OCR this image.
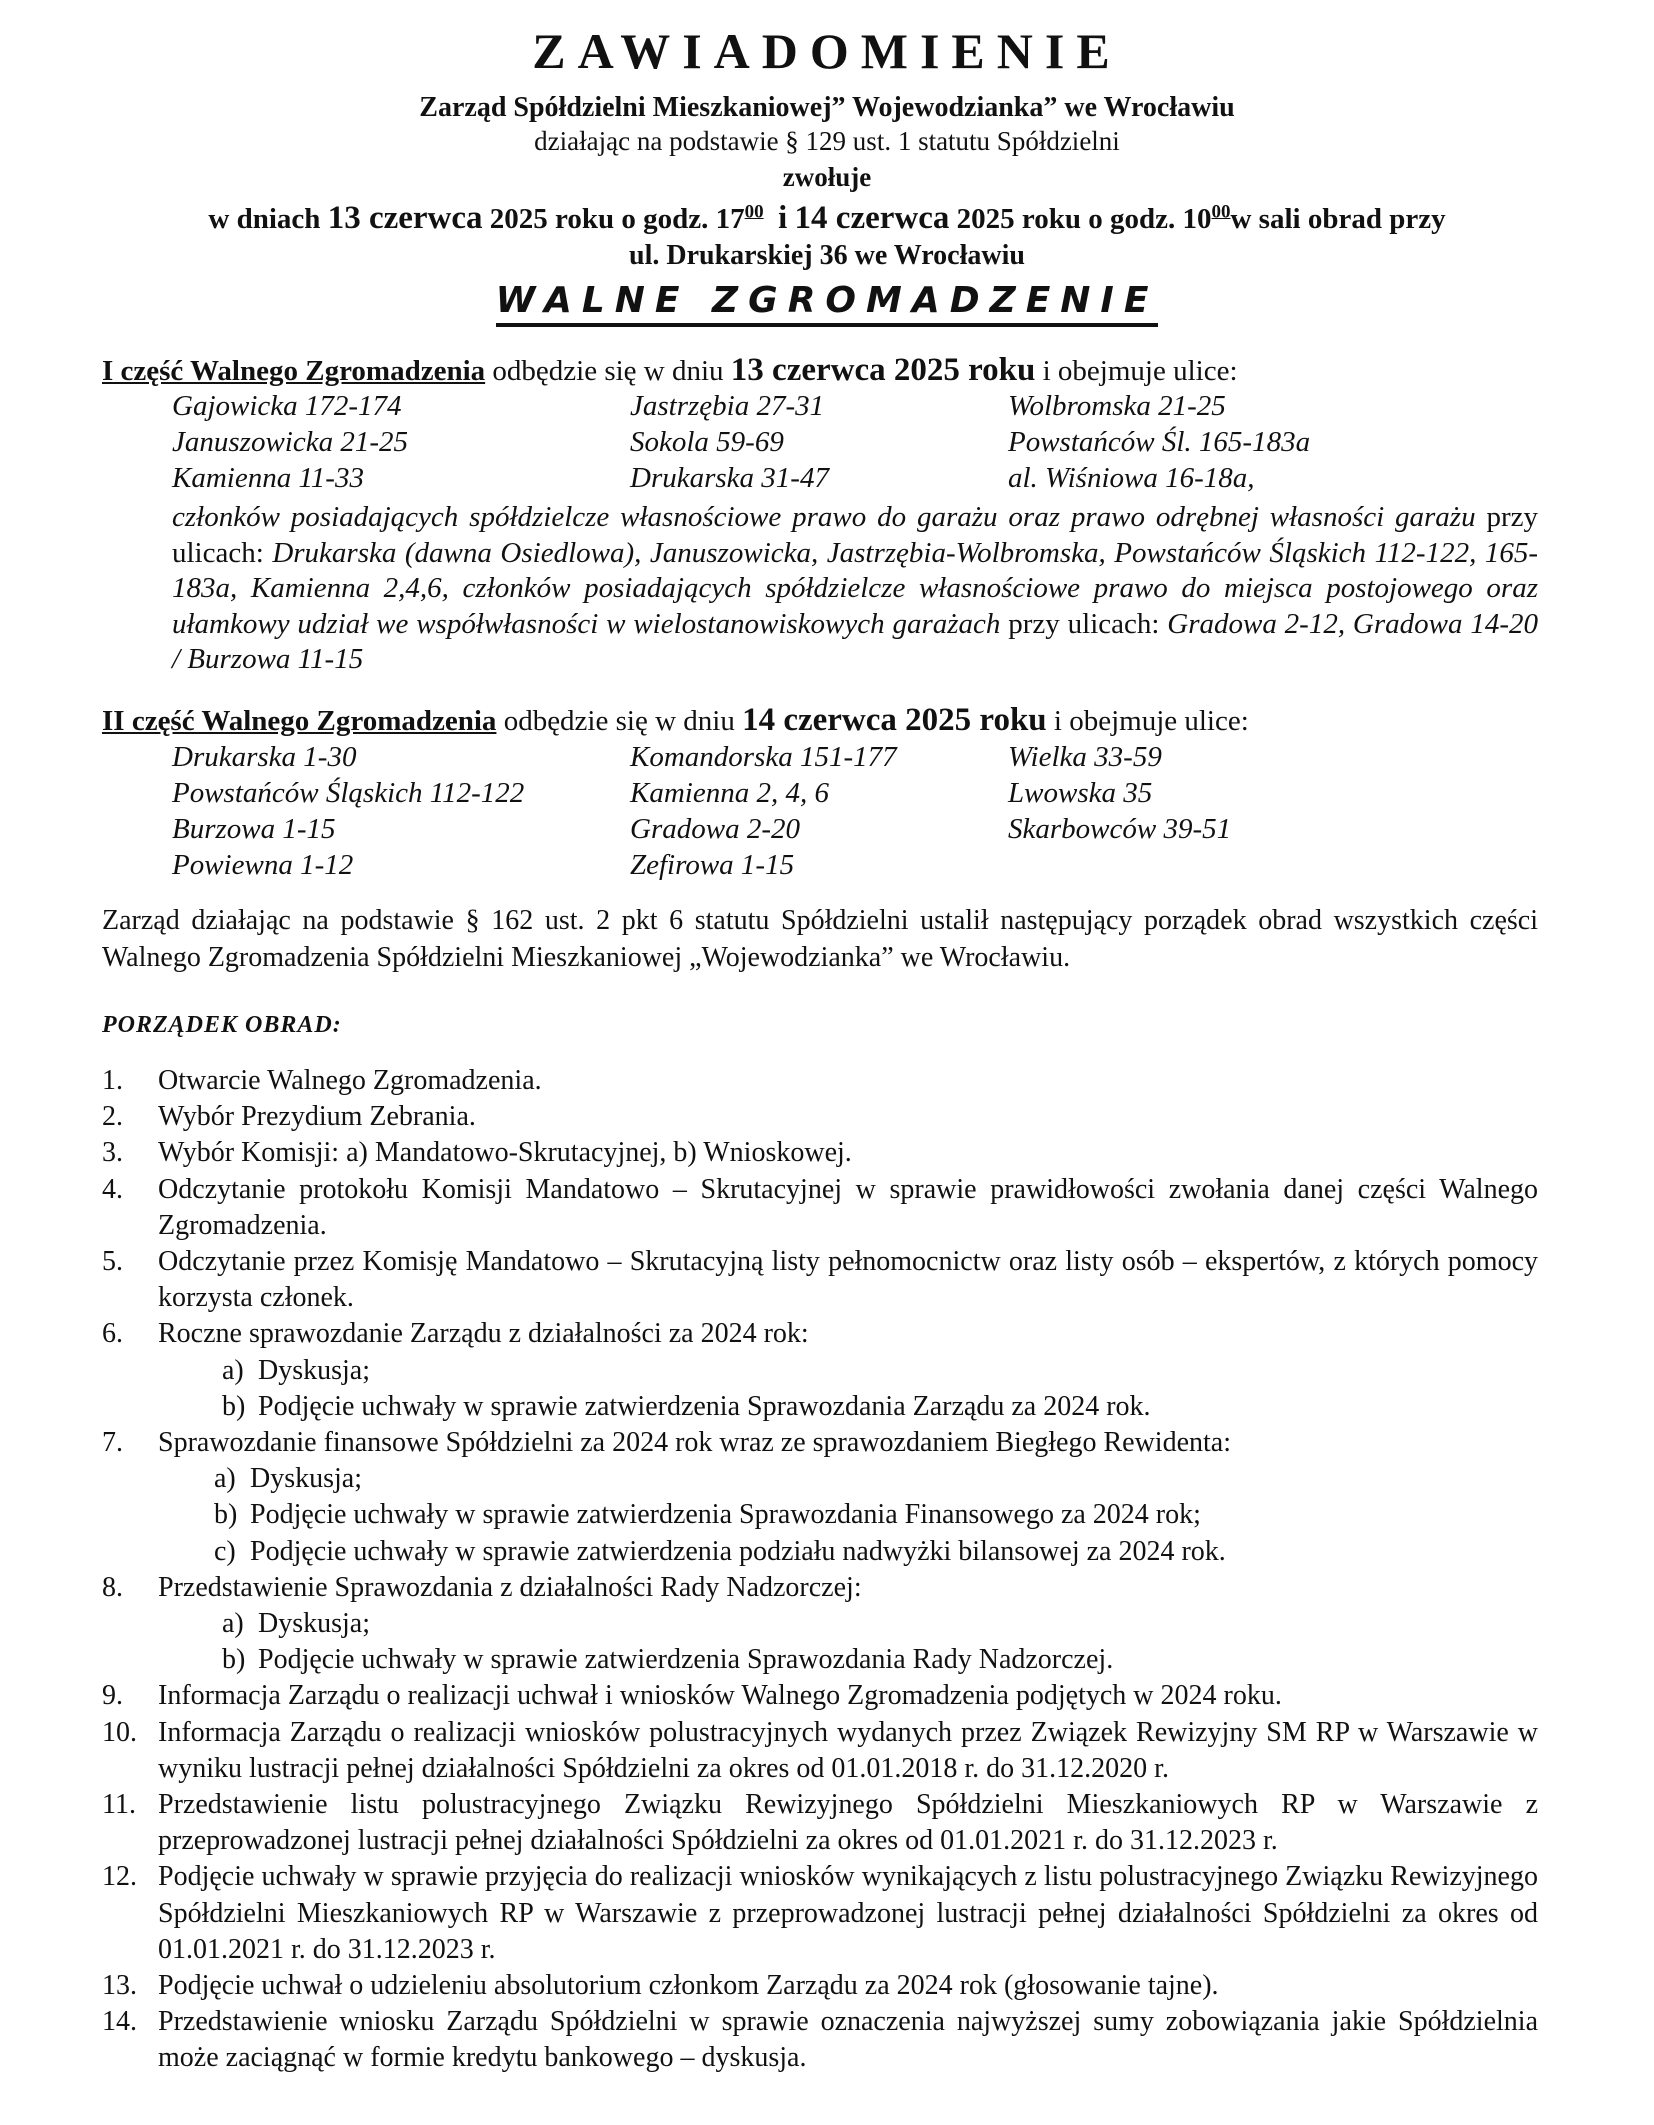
ZAWIADOMIENIE
Zarząd Spółdzielni Mieszkaniowej” Wojewodzianka” we Wrocławiu
działając na podstawie § 129 ust. 1 statutu Spółdzielni
zwołuje
w dniach 13 czerwca 2025 roku o godz. $17^{00}$ i 14 czerwca 2025 roku o godz. $10^{00}w$ sali obrad przy
ul. Drukarskiej 36 we Wrocławiu
WALNE ZGROMADZENIE
I część Walnego Zgromadzenia odbędzie się w dniu 13 czerwca 2025 roku i obejmuje ulice:
Gajowicka 172-174	Jastrzębia 27-31	Wolbromska 21-25
Januszowicka 21-25	Sokola 59-69	Powstańców Śl. 165-183a
Kamienna 11-33	Drukarska 31-47	al. Wiśniowa 16-18a,
członków posiadających spółdzielcze własnościowe prawo do garażu oraz prawo odrębnej własności garażu przy ulicach: Drukarska (dawna Osiedlowa), Januszowicka, Jastrzębia-Wolbromska, Powstańców Śląskich 112-122, 165-183a, Kamienna 2,4,6, członków posiadających spółdzielcze własnościowe prawo do miejsca postojowego oraz ułamkowy udział we współwłasności w wielostanowiskowych garażach przy ulicach: Gradowa 2-12, Gradowa 14-20 / Burzowa 11-15
II część Walnego Zgromadzenia odbędzie się w dniu 14 czerwca 2025 roku i obejmuje ulice:
Drukarska 1-30	Komandorska 151-177	Wielka 33-59
Powstańców Śląskich 112-122	Kamienna 2, 4, 6	Lwowska 35
Burzowa 1-15	Gradowa 2-20	Skarbowców 39-51
Powiewna 1-12	Zefirowa 1-15
Zarząd działając na podstawie § 162 ust. 2 pkt 6 statutu Spółdzielni ustalił następujący porządek obrad wszystkich części Walnego Zgromadzenia Spółdzielni Mieszkaniowej „Wojewodzianka” we Wrocławiu.
PORZĄDEK OBRAD:
1.	Otwarcie Walnego Zgromadzenia.
2.	Wybór Prezydium Zebrania.
3.	Wybór Komisji: a) Mandatowo-Skrutacyjnej, b) Wnioskowej.
4.	Odczytanie protokołu Komisji Mandatowo – Skrutacyjnej w sprawie prawidłowości zwołania danej części Walnego Zgromadzenia.
5.	Odczytanie przez Komisję Mandatowo – Skrutacyjną listy pełnomocnictw oraz listy osób – ekspertów, z których pomocy korzysta członek.
6.	Roczne sprawozdanie Zarządu z działalności za 2024 rok:
a) Dyskusja;
b) Podjęcie uchwały w sprawie zatwierdzenia Sprawozdania Zarządu za 2024 rok.
7.	Sprawozdanie finansowe Spółdzielni za 2024 rok wraz ze sprawozdaniem Biegłego Rewidenta:
a) Dyskusja;
b) Podjęcie uchwały w sprawie zatwierdzenia Sprawozdania Finansowego za 2024 rok;
c) Podjęcie uchwały w sprawie zatwierdzenia podziału nadwyżki bilansowej za 2024 rok.
8.	Przedstawienie Sprawozdania z działalności Rady Nadzorczej:
a) Dyskusja;
b) Podjęcie uchwały w sprawie zatwierdzenia Sprawozdania Rady Nadzorczej.
9.	Informacja Zarządu o realizacji uchwał i wniosków Walnego Zgromadzenia podjętych w 2024 roku.
10. Informacja Zarządu o realizacji wniosków polustracyjnych wydanych przez Związek Rewizyjny SM RP w Warszawie w wyniku lustracji pełnej działalności Spółdzielni za okres od 01.01.2018 r. do 31.12.2020 r.
11. Przedstawienie listu polustracyjnego Związku Rewizyjnego Spółdzielni Mieszkaniowych RP w Warszawie z przeprowadzonej lustracji pełnej działalności Spółdzielni za okres od 01.01.2021 r. do 31.12.2023 r.
12. Podjęcie uchwały w sprawie przyjęcia do realizacji wniosków wynikających z listu polustracyjnego Związku Rewizyjnego Spółdzielni Mieszkaniowych RP w Warszawie z przeprowadzonej lustracji pełnej działalności Spółdzielni za okres od 01.01.2021 r. do 31.12.2023 r.
13. Podjęcie uchwał o udzieleniu absolutorium członkom Zarządu za 2024 rok (głosowanie tajne).
14. Przedstawienie wniosku Zarządu Spółdzielni w sprawie oznaczenia najwyższej sumy zobowiązania jakie Spółdzielnia może zaciągnąć w formie kredytu bankowego – dyskusja.
